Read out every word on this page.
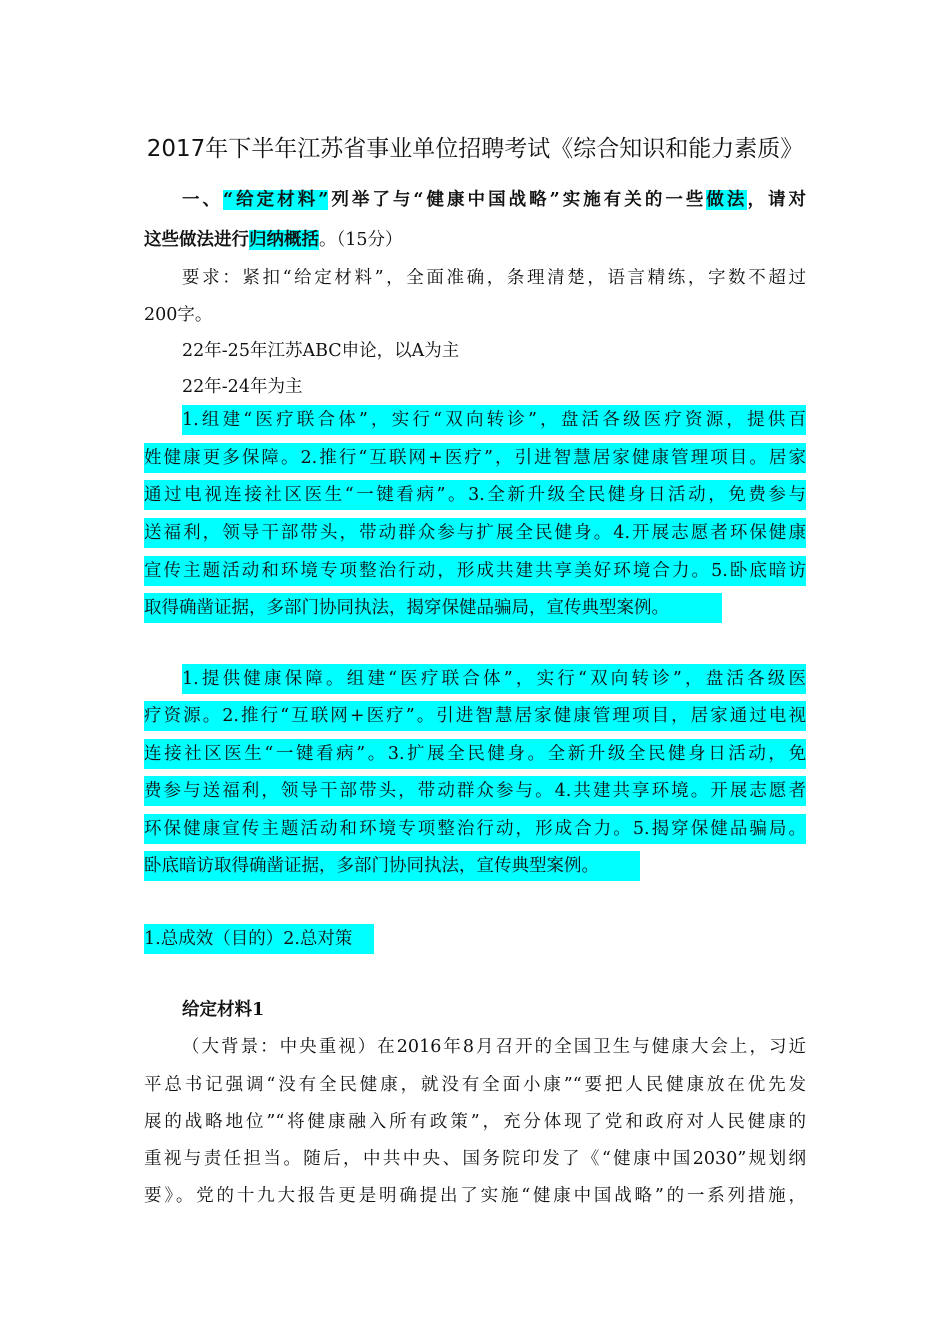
2017年下半年江苏省事业单位招聘考试《综合知识和能力素质》
一、“给定材料”列举了与“健康中国战略”实施有关的一些做法，请对
这些做法进行归纳概括。（15分）
要求：紧扣“给定材料”，全面准确，条理清楚，语言精练，字数不超过
200字。
22年-25年江苏ABC申论，以A为主
22年-24年为主
1.组建“医疗联合体”，实行“双向转诊”，盘活各级医疗资源，提供百
姓健康更多保障。2.推行“互联网+医疗”，引进智慧居家健康管理项目。居家
通过电视连接社区医生“一键看病”。3.全新升级全民健身日活动，免费参与
送福利，领导干部带头，带动群众参与扩展全民健身。4.开展志愿者环保健康
宣传主题活动和环境专项整治行动，形成共建共享美好环境合力。5.卧底暗访
取得确凿证据，多部门协同执法，揭穿保健品骗局，宣传典型案例。
1.提供健康保障。组建“医疗联合体”，实行“双向转诊”，盘活各级医
疗资源。2.推行“互联网+医疗”。引进智慧居家健康管理项目，居家通过电视
连接社区医生“一键看病”。3.扩展全民健身。全新升级全民健身日活动，免
费参与送福利，领导干部带头，带动群众参与。4.共建共享环境。开展志愿者
环保健康宣传主题活动和环境专项整治行动，形成合力。5.揭穿保健品骗局。
卧底暗访取得确凿证据，多部门协同执法，宣传典型案例。
1.总成效（目的）2.总对策
给定材料1
（大背景：中央重视）在2016年8月召开的全国卫生与健康大会上，习近
平总书记强调“没有全民健康，就没有全面小康”“要把人民健康放在优先发
展的战略地位”“将健康融入所有政策”，充分体现了党和政府对人民健康的
重视与责任担当。随后，中共中央、国务院印发了《“健康中国2030”规划纲
要》。党的十九大报告更是明确提出了实施“健康中国战略”的一系列措施，
